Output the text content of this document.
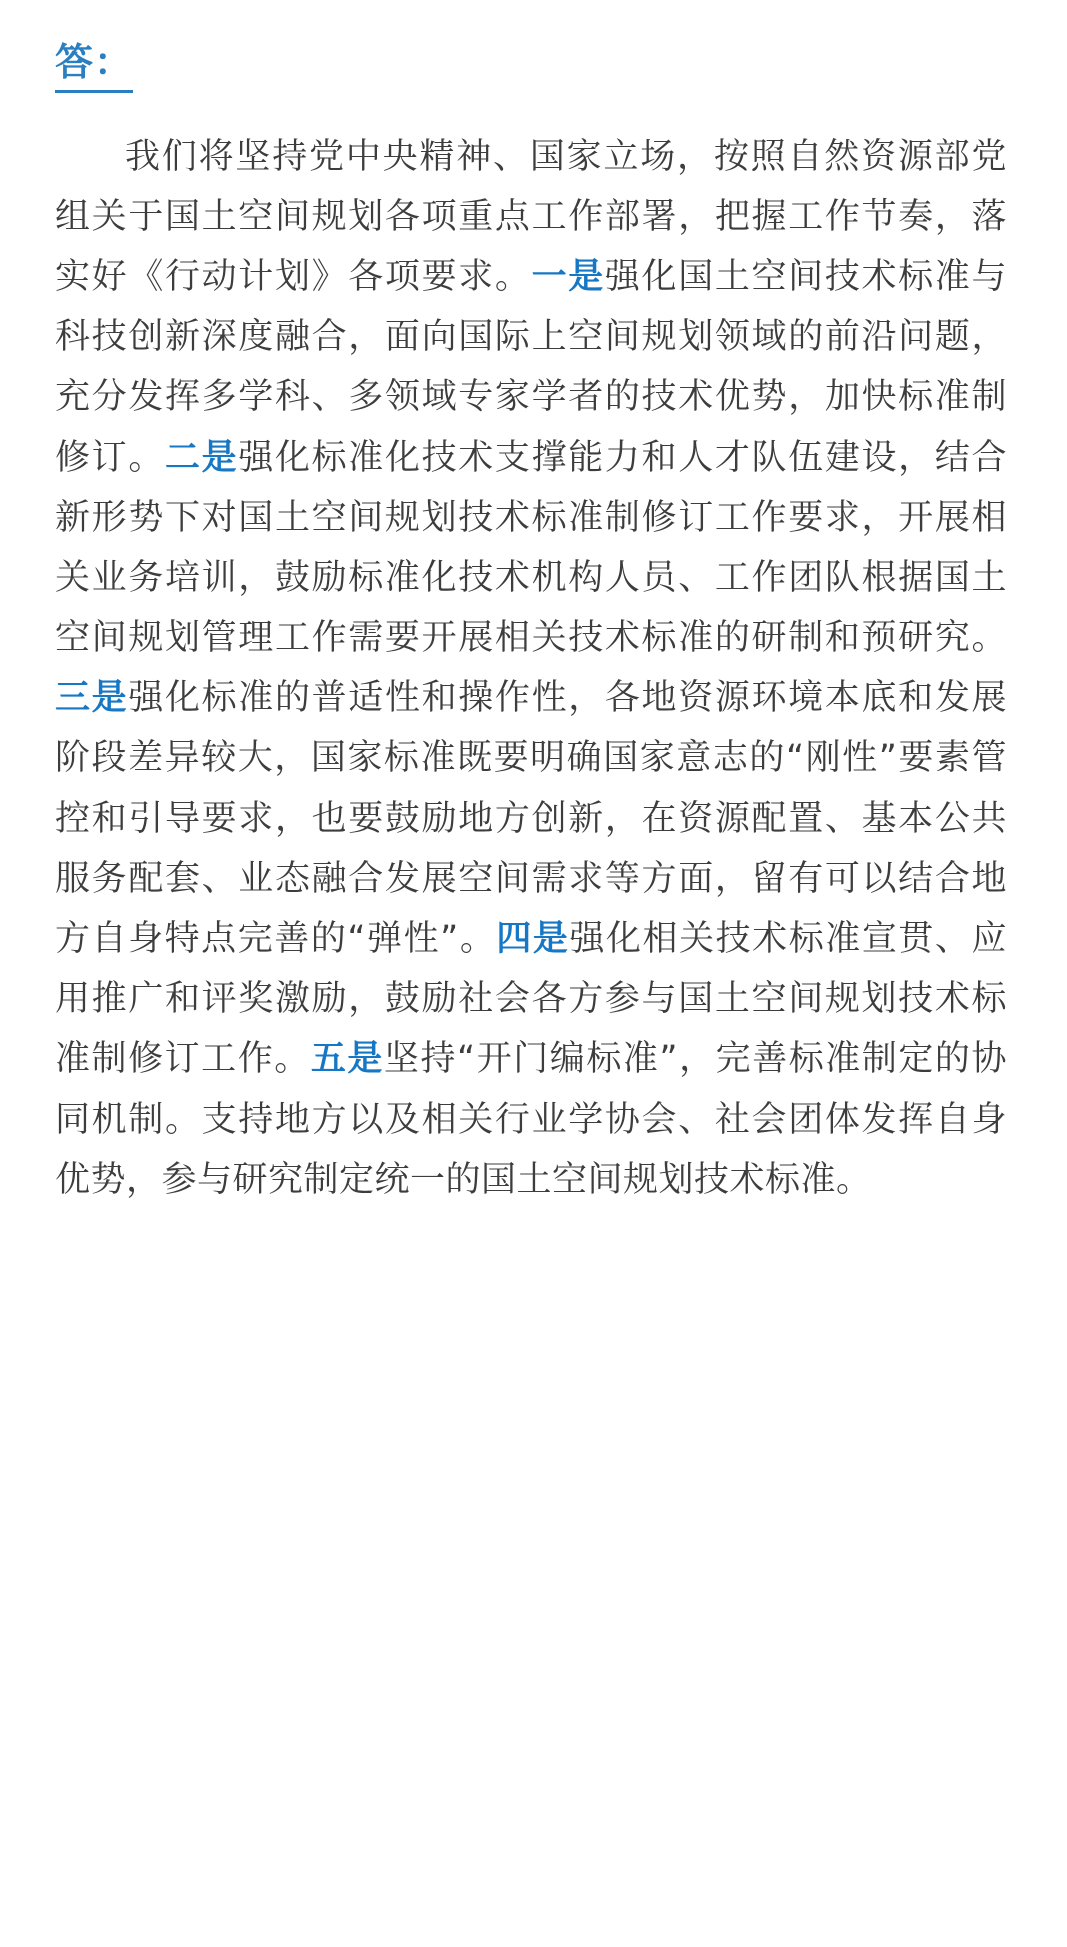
答：

我们将坚持党中央精神、国家立场，按照自然资源部党组关于国土空间规划各项重点工作部署，把握工作节奏，落实好《行动计划》各项要求。一是强化国土空间技术标准与科技创新深度融合，面向国际上空间规划领域的前沿问题，充分发挥多学科、多领域专家学者的技术优势，加快标准制修订。二是强化标准化技术支撑能力和人才队伍建设，结合新形势下对国土空间规划技术标准制修订工作要求，开展相关业务培训，鼓励标准化技术机构人员、工作团队根据国土空间规划管理工作需要开展相关技术标准的研制和预研究。三是强化标准的普适性和操作性，各地资源环境本底和发展阶段差异较大，国家标准既要明确国家意志的“刚性”要素管控和引导要求，也要鼓励地方创新，在资源配置、基本公共服务配套、业态融合发展空间需求等方面，留有可以结合地方自身特点完善的“弹性”。四是强化相关技术标准宣贯、应用推广和评奖激励，鼓励社会各方参与国土空间规划技术标准制修订工作。五是坚持“开门编标准”，完善标准制定的协同机制。支持地方以及相关行业学协会、社会团体发挥自身优势，参与研究制定统一的国土空间规划技术标准。
